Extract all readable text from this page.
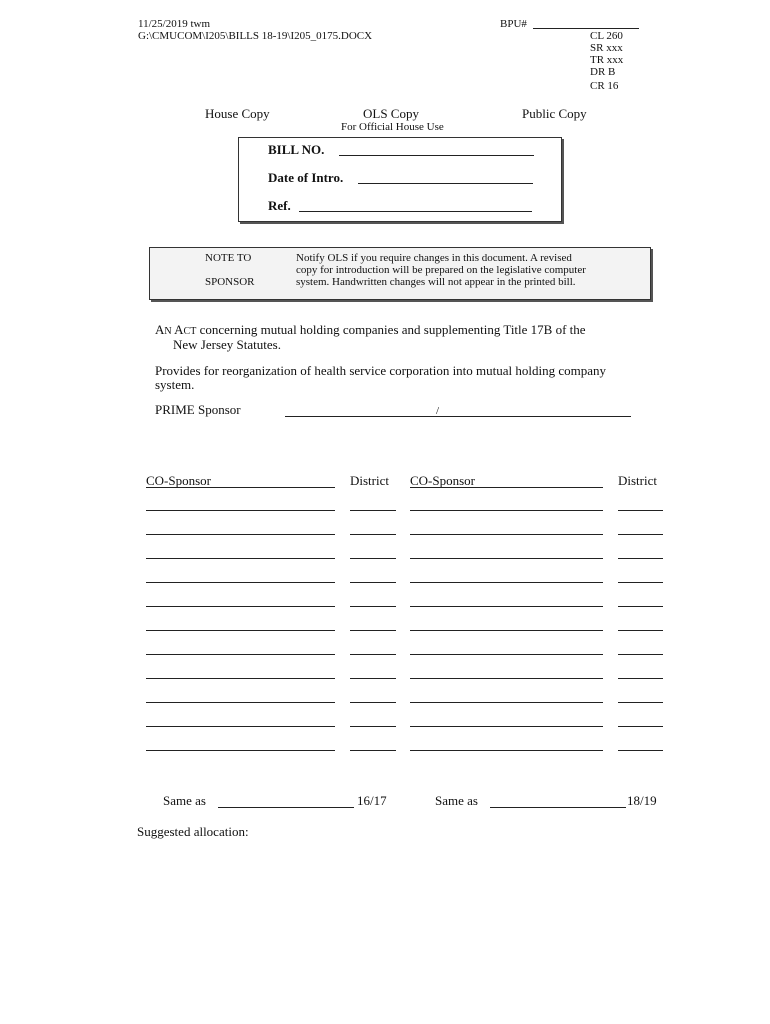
11/25/2019 twm
G:\CMUCOM\I205\BILLS 18-19\I205_0175.DOCX
BPU#
CL 260
SR xxx
TR xxx
DR B
CR 16
House Copy	OLS Copy
For Official House Use
Public Copy
BILL NO.
Date of Intro.
Ref.
NOTE TO
SPONSOR
Notify OLS if you require changes in this document. A revised
copy for introduction will be prepared on the legislative computer
system. Handwritten changes will not appear in the printed bill.
AN ACT concerning mutual holding companies and supplementing Title 17B of the
New Jersey Statutes.
Provides for reorganization of health service corporation into mutual holding company
system.
PRIME Sponsor	/
CO-Sponsor	District CO-Sponsor	District
Same as	16/17	Same as	18/19
Suggested allocation:
